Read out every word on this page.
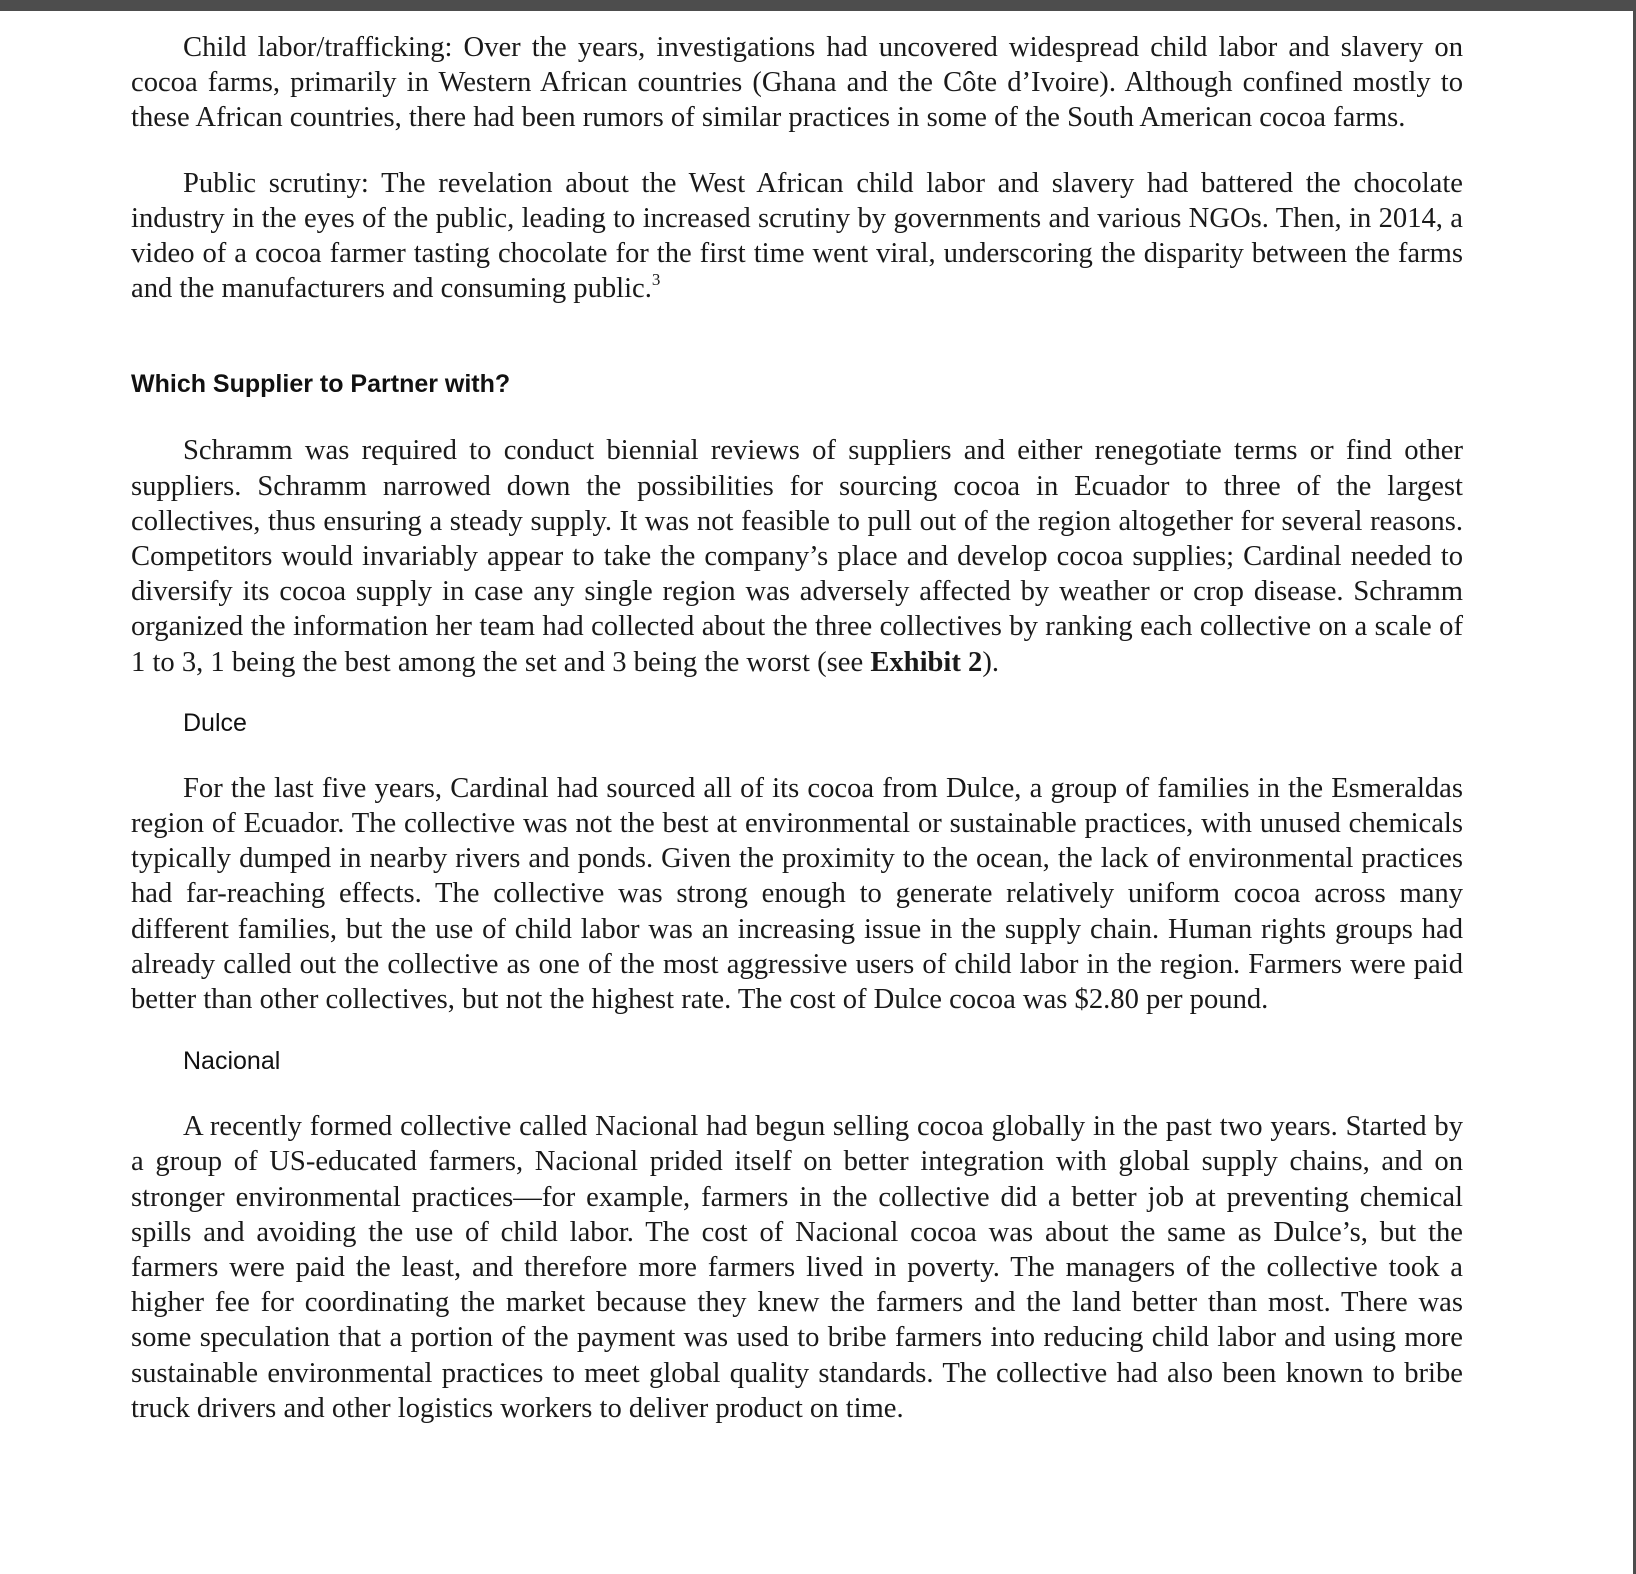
Child labor/trafficking: Over the years, investigations had uncovered widespread child labor and slavery on cocoa farms, primarily in Western African countries (Ghana and the Côte d’Ivoire). Although confined mostly to these African countries, there had been rumors of similar practices in some of the South American cocoa farms.

Public scrutiny: The revelation about the West African child labor and slavery had battered the chocolate industry in the eyes of the public, leading to increased scrutiny by governments and various NGOs. Then, in 2014, a video of a cocoa farmer tasting chocolate for the first time went viral, underscoring the disparity between the farms and the manufacturers and consuming public.$^3$

Which Supplier to Partner with?

Schramm was required to conduct biennial reviews of suppliers and either renegotiate terms or find other suppliers. Schramm narrowed down the possibilities for sourcing cocoa in Ecuador to three of the largest collectives, thus ensuring a steady supply. It was not feasible to pull out of the region altogether for several reasons. Competitors would invariably appear to take the company’s place and develop cocoa supplies; Cardinal needed to diversify its cocoa supply in case any single region was adversely affected by weather or crop disease. Schramm organized the information her team had collected about the three collectives by ranking each collective on a scale of 1 to 3, 1 being the best among the set and 3 being the worst (see Exhibit 2).

Dulce

For the last five years, Cardinal had sourced all of its cocoa from Dulce, a group of families in the Esmeraldas region of Ecuador. The collective was not the best at environmental or sustainable practices, with unused chemicals typically dumped in nearby rivers and ponds. Given the proximity to the ocean, the lack of environmental practices had far-reaching effects. The collective was strong enough to generate relatively uniform cocoa across many different families, but the use of child labor was an increasing issue in the supply chain. Human rights groups had already called out the collective as one of the most aggressive users of child labor in the region. Farmers were paid better than other collectives, but not the highest rate. The cost of Dulce cocoa was $2.80 per pound.

Nacional

A recently formed collective called Nacional had begun selling cocoa globally in the past two years. Started by a group of US-educated farmers, Nacional prided itself on better integration with global supply chains, and on stronger environmental practices—for example, farmers in the collective did a better job at preventing chemical spills and avoiding the use of child labor. The cost of Nacional cocoa was about the same as Dulce’s, but the farmers were paid the least, and therefore more farmers lived in poverty. The managers of the collective took a higher fee for coordinating the market because they knew the farmers and the land better than most. There was some speculation that a portion of the payment was used to bribe farmers into reducing child labor and using more sustainable environmental practices to meet global quality standards. The collective had also been known to bribe truck drivers and other logistics workers to deliver product on time.
